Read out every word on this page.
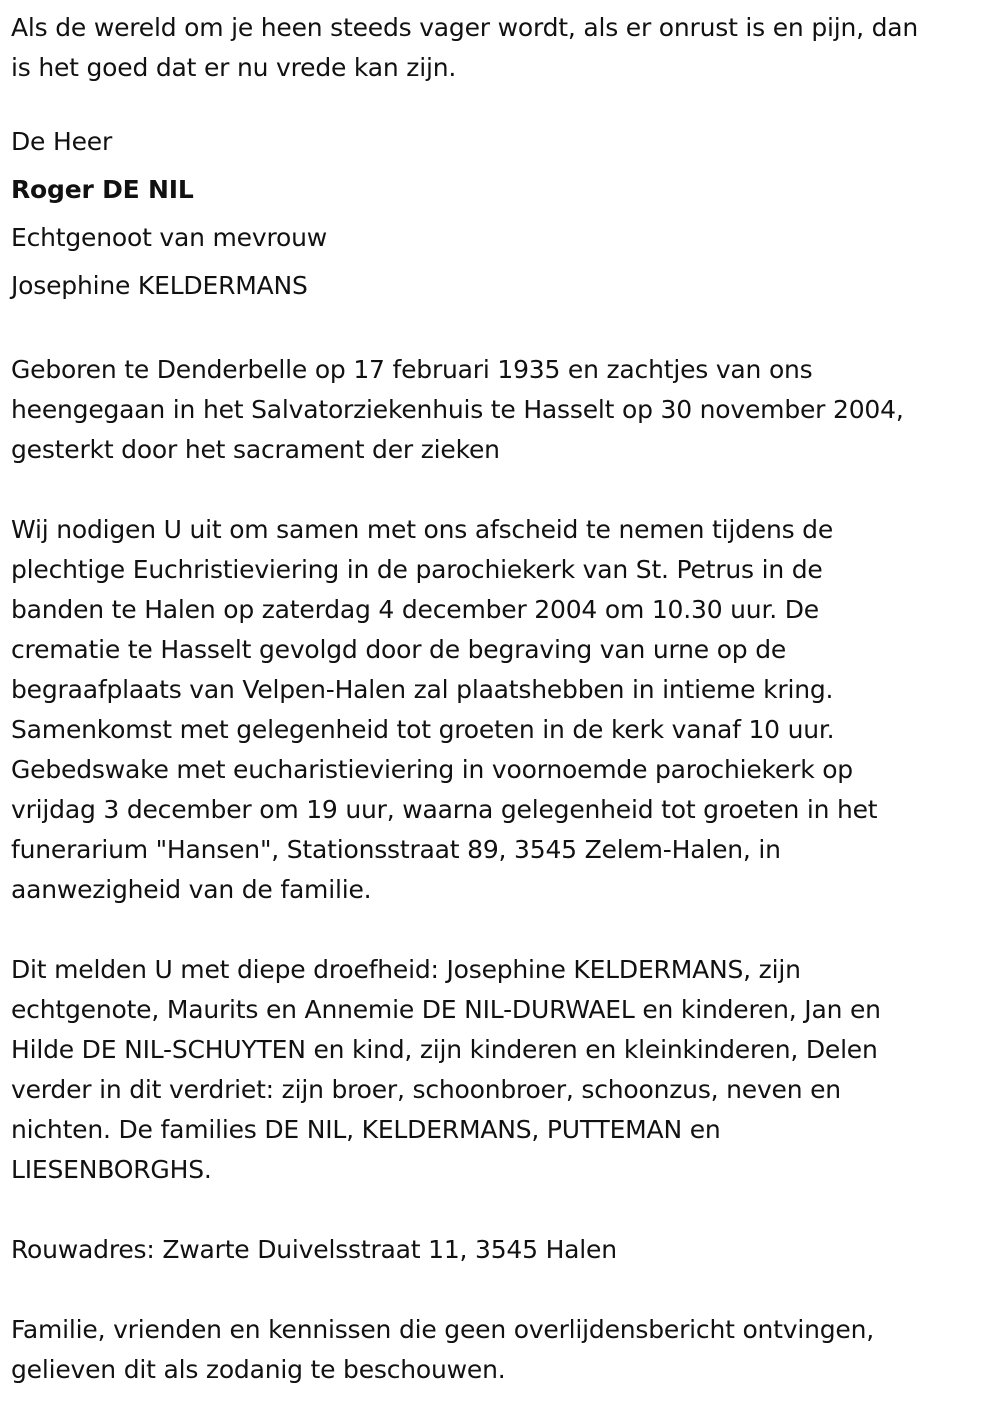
Als de wereld om je heen steeds vager wordt, als er onrust is en pijn, dan
is het goed dat er nu vrede kan zijn.

De Heer
Roger DE NIL
Echtgenoot van mevrouw
Josephine KELDERMANS

Geboren te Denderbelle op 17 februari 1935 en zachtjes van ons
heengegaan in het Salvatorziekenhuis te Hasselt op 30 november 2004,
gesterkt door het sacrament der zieken

Wij nodigen U uit om samen met ons afscheid te nemen tijdens de
plechtige Euchristieviering in de parochiekerk van St. Petrus in de
banden te Halen op zaterdag 4 december 2004 om 10.30 uur. De
crematie te Hasselt gevolgd door de begraving van urne op de
begraafplaats van Velpen-Halen zal plaatshebben in intieme kring.
Samenkomst met gelegenheid tot groeten in de kerk vanaf 10 uur.
Gebedswake met eucharistieviering in voornoemde parochiekerk op
vrijdag 3 december om 19 uur, waarna gelegenheid tot groeten in het
funerarium "Hansen", Stationsstraat 89, 3545 Zelem-Halen, in
aanwezigheid van de familie.

Dit melden U met diepe droefheid: Josephine KELDERMANS, zijn
echtgenote, Maurits en Annemie DE NIL-DURWAEL en kinderen, Jan en
Hilde DE NIL-SCHUYTEN en kind, zijn kinderen en kleinkinderen, Delen
verder in dit verdriet: zijn broer, schoonbroer, schoonzus, neven en
nichten. De families DE NIL, KELDERMANS, PUTTEMAN en
LIESENBORGHS.

Rouwadres: Zwarte Duivelsstraat 11, 3545 Halen

Familie, vrienden en kennissen die geen overlijdensbericht ontvingen,
gelieven dit als zodanig te beschouwen.
